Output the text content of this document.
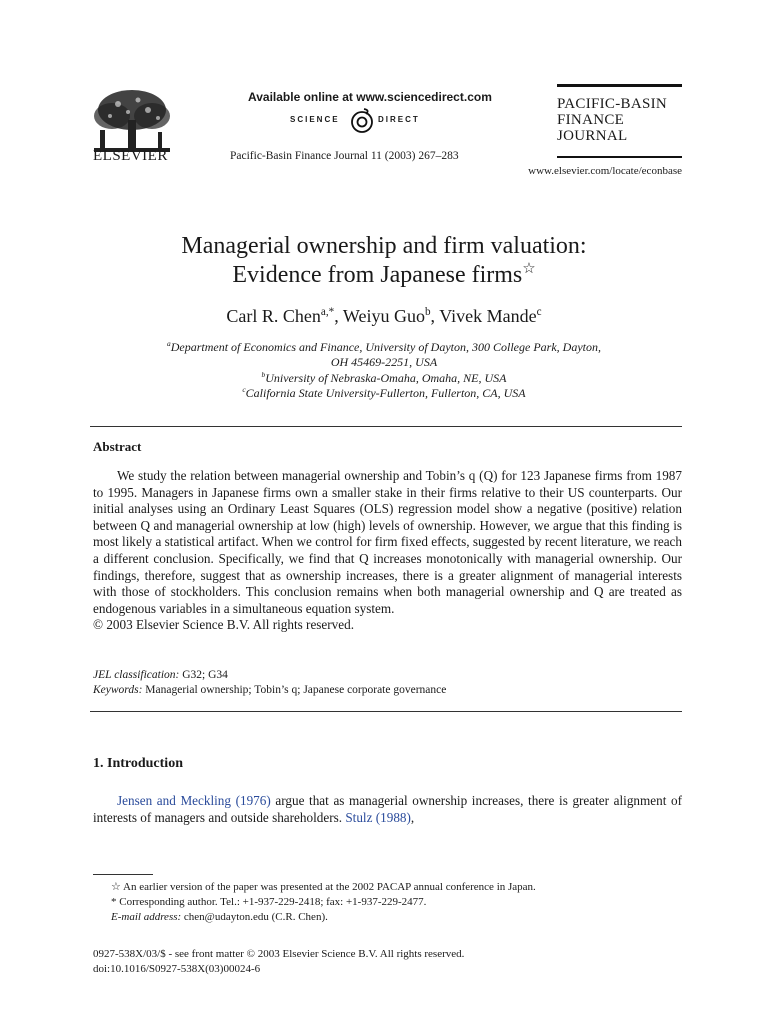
ELSEVIER
Available online at www.sciencedirect.com
SCIENCE	DIRECT
Pacific-Basin Finance Journal 11 (2003) 267–283
PACIFIC-BASIN
FINANCE
JOURNAL
www.elsevier.com/locate/econbase
Managerial ownership and firm valuation:
Evidence from Japanese firms☆
Carl R. Chen$^{a,*}$, Weiyu Guo$^b$, Vivek Mande$^c$
$^a$Department of Economics and Finance, University of Dayton, 300 College Park, Dayton,
OH 45469-2251, USA
$^b$University of Nebraska-Omaha, Omaha, NE, USA
$^c$California State University-Fullerton, Fullerton, CA, USA
Abstract
We study the relation between managerial ownership and Tobin’s q (Q) for 123 Japanese firms from 1987 to 1995. Managers in Japanese firms own a smaller stake in their firms relative to their US counterparts. Our initial analyses using an Ordinary Least Squares (OLS) regression model show a negative (positive) relation between Q and managerial ownership at low (high) levels of ownership. However, we argue that this finding is most likely a statistical artifact. When we control for firm fixed effects, suggested by recent literature, we reach a different conclusion. Specifically, we find that Q increases monotonically with managerial ownership. Our findings, therefore, suggest that as ownership increases, there is a greater alignment of managerial interests with those of stockholders. This conclusion remains when both managerial ownership and Q are treated as endogenous variables in a simultaneous equation system.
© 2003 Elsevier Science B.V. All rights reserved.
JEL classification: G32; G34
Keywords: Managerial ownership; Tobin’s q; Japanese corporate governance
1. Introduction
Jensen and Meckling (1976) argue that as managerial ownership increases, there is greater alignment of interests of managers and outside shareholders. Stulz (1988),
☆ An earlier version of the paper was presented at the 2002 PACAP annual conference in Japan.
* Corresponding author. Tel.: +1-937-229-2418; fax: +1-937-229-2477.
E-mail address: chen@udayton.edu (C.R. Chen).
0927-538X/03/$ - see front matter © 2003 Elsevier Science B.V. All rights reserved.
doi:10.1016/S0927-538X(03)00024-6
